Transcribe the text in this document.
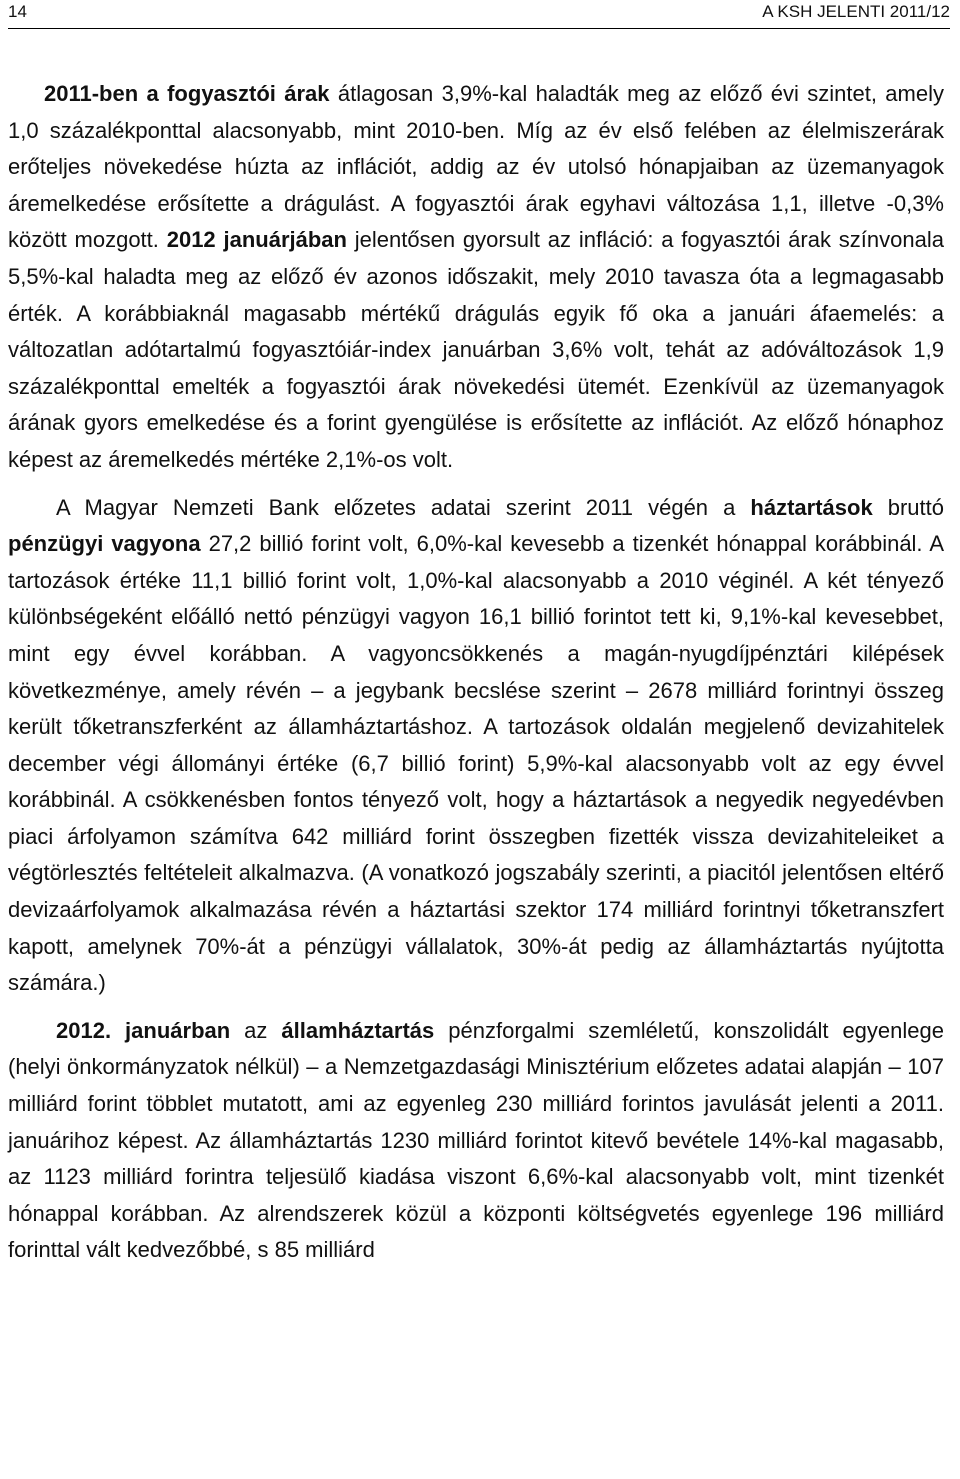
14	A KSH JELENTI 2011/12

2011-ben a fogyasztói árak átlagosan 3,9%-kal haladták meg az előző évi szintet, amely 1,0 százalékponttal alacsonyabb, mint 2010-ben. Míg az év első felében az élelmiszerárak erőteljes növekedése húzta az inflációt, addig az év utolsó hónapjaiban az üzemanyagok áremelkedése erősítette a drágulást. A fogyasztói árak egyhavi változása 1,1, illetve -0,3% között mozgott. 2012 januárjában jelentősen gyorsult az infláció: a fogyasztói árak színvonala 5,5%-kal haladta meg az előző év azonos időszakit, mely 2010 tavasza óta a legmagasabb érték. A korábbiaknál magasabb mértékű drágulás egyik fő oka a januári áfaemelés: a változatlan adótartalmú fogyasztóiár-index januárban 3,6% volt, tehát az adóváltozások 1,9 százalékponttal emelték a fogyasztói árak növekedési ütemét. Ezenkívül az üzemanyagok árának gyors emelkedése és a forint gyengülése is erősítette az inflációt. Az előző hónaphoz képest az áremelkedés mértéke 2,1%-os volt.

A Magyar Nemzeti Bank előzetes adatai szerint 2011 végén a háztartások bruttó pénzügyi vagyona 27,2 billió forint volt, 6,0%-kal kevesebb a tizenkét hónappal korábbinál. A tartozások értéke 11,1 billió forint volt, 1,0%-kal alacsonyabb a 2010 véginél. A két tényező különbségeként előálló nettó pénzügyi vagyon 16,1 billió forintot tett ki, 9,1%-kal kevesebbet, mint egy évvel korábban. A vagyoncsökkenés a magán-nyugdíjpénztári kilépések következménye, amely révén – a jegybank becslése szerint – 2678 milliárd forintnyi összeg került tőketranszferként az államháztartáshoz. A tartozások oldalán megjelenő devizahitelek december végi állományi értéke (6,7 billió forint) 5,9%-kal alacsonyabb volt az egy évvel korábbinál. A csökkenésben fontos tényező volt, hogy a háztartások a negyedik negyedévben piaci árfolyamon számítva 642 milliárd forint összegben fizették vissza devizahiteleiket a végtörlesztés feltételeit alkalmazva. (A vonatkozó jogszabály szerinti, a piacitól jelentősen eltérő devizaárfolyamok alkalmazása révén a háztartási szektor 174 milliárd forintnyi tőketranszfert kapott, amelynek 70%-át a pénzügyi vállalatok, 30%-át pedig az államháztartás nyújtotta számára.)

2012. januárban az államháztartás pénzforgalmi szemléletű, konszolidált egyenlege (helyi önkormányzatok nélkül) – a Nemzetgazdasági Minisztérium előzetes adatai alapján – 107 milliárd forint többlet mutatott, ami az egyenleg 230 milliárd forintos javulását jelenti a 2011. januárihoz képest. Az államháztartás 1230 milliárd forintot kitevő bevétele 14%-kal magasabb, az 1123 milliárd forintra teljesülő kiadása viszont 6,6%-kal alacsonyabb volt, mint tizenkét hónappal korábban. Az alrendszerek közül a központi költségvetés egyenlege 196 milliárd forinttal vált kedvezőbbé, s 85 milliárd
